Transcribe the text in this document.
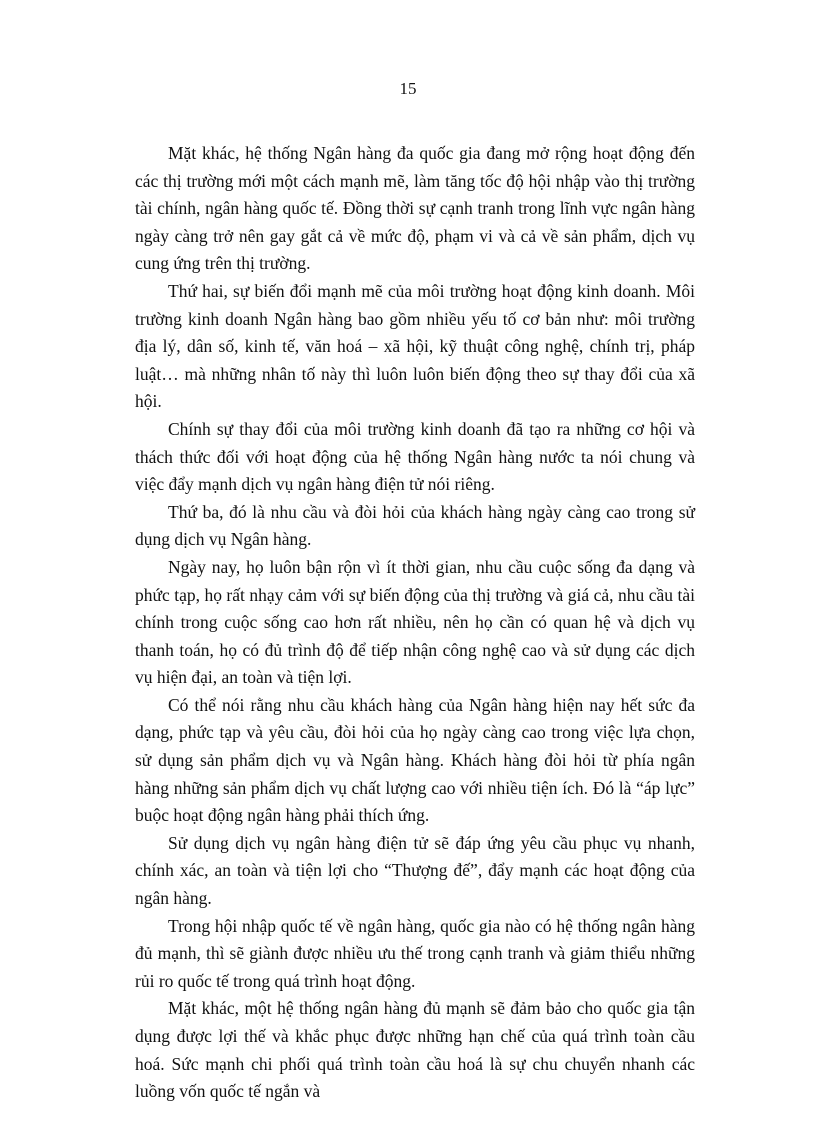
15

Mặt khác, hệ thống Ngân hàng đa quốc gia đang mở rộng hoạt động đến các thị trường mới một cách mạnh mẽ, làm tăng tốc độ hội nhập vào thị trường tài chính, ngân hàng quốc tế. Đồng thời sự cạnh tranh trong lĩnh vực ngân hàng ngày càng trở nên gay gắt cả về mức độ, phạm vi và cả về sản phẩm, dịch vụ cung ứng trên thị trường.

Thứ hai, sự biến đổi mạnh mẽ của môi trường hoạt động kinh doanh. Môi trường kinh doanh Ngân hàng bao gồm nhiều yếu tố cơ bản như: môi trường địa lý, dân số, kinh tế, văn hoá – xã hội, kỹ thuật công nghệ, chính trị, pháp luật… mà những nhân tố này thì luôn luôn biến động theo sự thay đổi của xã hội.

Chính sự thay đổi của môi trường kinh doanh đã tạo ra những cơ hội và thách thức đối với hoạt động của hệ thống Ngân hàng nước ta nói chung và việc đẩy mạnh dịch vụ ngân hàng điện tử nói riêng.

Thứ ba, đó là nhu cầu và đòi hỏi của khách hàng ngày càng cao trong sử dụng dịch vụ Ngân hàng.

Ngày nay, họ luôn bận rộn vì ít thời gian, nhu cầu cuộc sống đa dạng và phức tạp, họ rất nhạy cảm với sự biến động của thị trường và giá cả, nhu cầu tài chính trong cuộc sống cao hơn rất nhiều, nên họ cần có quan hệ và dịch vụ thanh toán, họ có đủ trình độ để tiếp nhận công nghệ cao và sử dụng các dịch vụ hiện đại, an toàn và tiện lợi.

Có thể nói rằng nhu cầu khách hàng của Ngân hàng hiện nay hết sức đa dạng, phức tạp và yêu cầu, đòi hỏi của họ ngày càng cao trong việc lựa chọn, sử dụng sản phẩm dịch vụ và Ngân hàng. Khách hàng đòi hỏi từ phía ngân hàng những sản phẩm dịch vụ chất lượng cao với nhiều tiện ích. Đó là “áp lực” buộc hoạt động ngân hàng phải thích ứng.

Sử dụng dịch vụ ngân hàng điện tử sẽ đáp ứng yêu cầu phục vụ nhanh, chính xác, an toàn và tiện lợi cho “Thượng đế”, đẩy mạnh các hoạt động của ngân hàng.

Trong hội nhập quốc tế về ngân hàng, quốc gia nào có hệ thống ngân hàng đủ mạnh, thì sẽ giành được nhiều ưu thế trong cạnh tranh và giảm thiểu những rủi ro quốc tế trong quá trình hoạt động.

Mặt khác, một hệ thống ngân hàng đủ mạnh sẽ đảm bảo cho quốc gia tận dụng được lợi thế và khắc phục được những hạn chế của quá trình toàn cầu hoá. Sức mạnh chi phối quá trình toàn cầu hoá là sự chu chuyển nhanh các luồng vốn quốc tế ngắn và
